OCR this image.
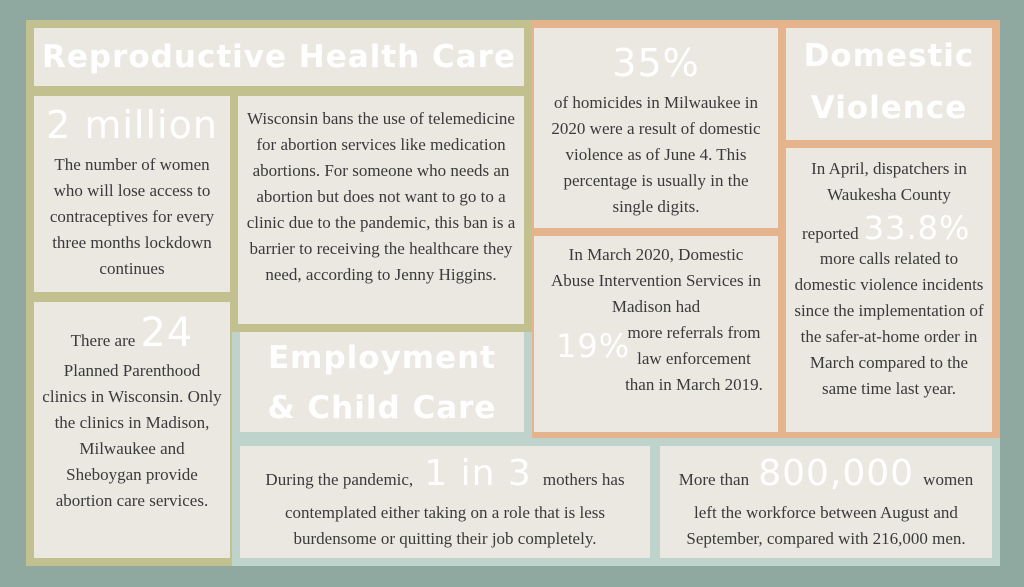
Reproductive Health Care
2 million
The number of women who will lose access to contraceptives for every three months lockdown continues
Wisconsin bans the use of telemedicine for abortion services like medication abortions. For someone who needs an abortion but does not want to go to a clinic due to the pandemic, this ban is a barrier to receiving the healthcare they need, according to Jenny Higgins.
There are 24
Planned Parenthood clinics in Wisconsin. Only the clinics in Madison, Milwaukee and Sheboygan provide abortion care services.
Employment
& Child Care
35%
of homicides in Milwaukee in 2020 were a result of domestic violence as of June 4. This percentage is usually in the single digits.
Domestic
Violence
In March 2020, Domestic Abuse Intervention Services in Madison had
19%
more referrals from law enforcement than in March 2019.
In April, dispatchers in Waukesha County
reported 33.8%
more calls related to domestic violence incidents since the implementation of the safer-at-home order in March compared to the same time last year.
During the pandemic, 1 in 3 mothers has
contemplated either taking on a role that is less burdensome or quitting their job completely.
More than 800,000 women
left the workforce between August and September, compared with 216,000 men.
